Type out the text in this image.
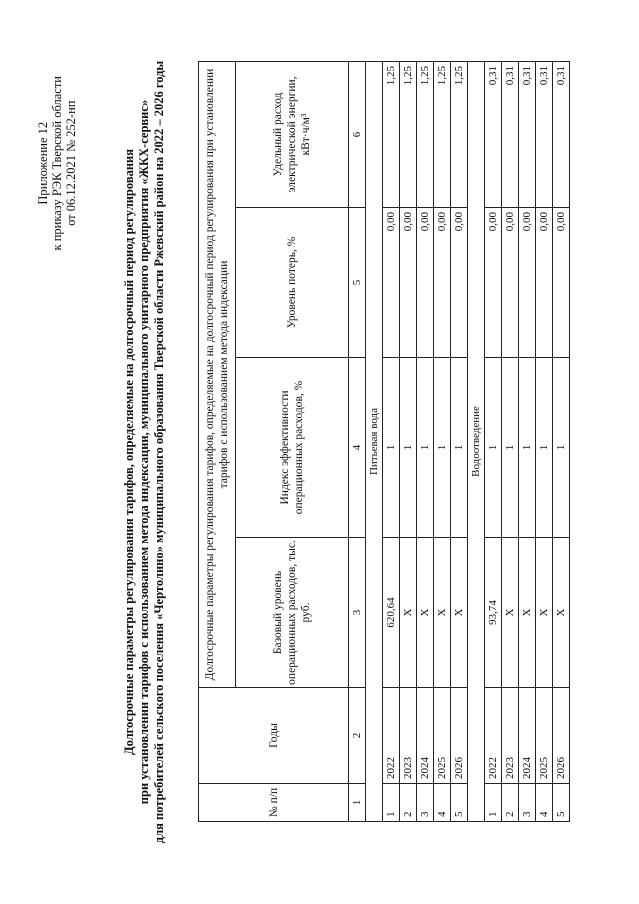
Приложение 12 к приказу РЭК Тверской области от 06.12.2021 № 252-нп	Долгосрочные параметры регулирования тарифов, определяемые на долгосрочный период регулирования при установлении тарифов с использованием метода индексации, муниципального унитарного предприятия «ЖКХ-сервис» для потребителей сельского поселения «Чертолино» муниципального образования Тверской области Ржевский район на 2022 – 2026 годы	№ п/п	Годы	Долгосрочные параметры регулирования тарифов, определяемые на долгосрочный период регулирования при установлении тарифов с использованием метода индексации			
		Базовый уровень операционных расходов, тыс. руб.	Индекс эффективности операционных расходов, %	Уровень потерь, %	Удельный расход электрической энергии, кВт·ч/м³
1	2	3	4	5	6
Питьевая вода					
1	2022	620,64	1	0,00	1,25
2	2023	X	1	0,00	1,25
3	2024	X	1	0,00	1,25
4	2025	X	1	0,00	1,25
5	2026	X	1	0,00	1,25
Водоотведение					
1	2022	93,74	1	0,00	0,31
2	2023	X	1	0,00	0,31
3	2024	X	1	0,00	0,31
4	2025	X	1	0,00	0,31
5	2026	X	1	0,00	0,31
